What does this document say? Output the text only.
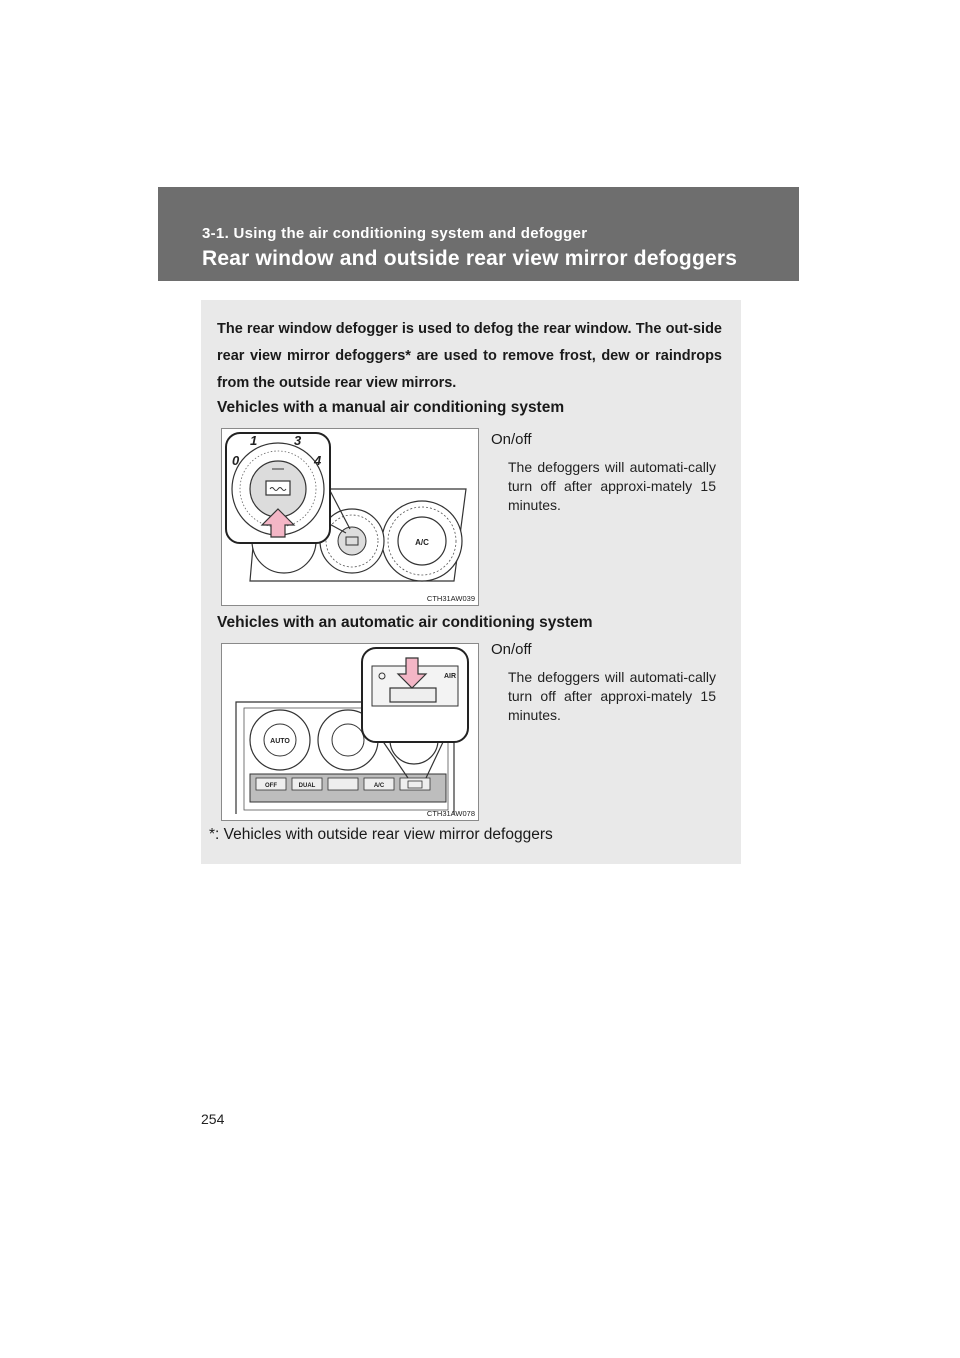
3-1. Using the air conditioning system and defogger
Rear window and outside rear view mirror defoggers
The rear window defogger is used to defog the rear window. The out-side rear view mirror defoggers* are used to remove frost, dew or raindrops from the outside rear view mirrors.
Vehicles with a manual air conditioning system
A/C
0
1	3
4
CTH31AW039
On/off
The defoggers will automati-cally turn off after approxi-mately 15 minutes.
Vehicles with an automatic air conditioning system
AUTO
OFF	DUAL	A/C
AIR
CTH31AW078
On/off
The defoggers will automati-cally turn off after approxi-mately 15 minutes.
*: Vehicles with outside rear view mirror defoggers
254
